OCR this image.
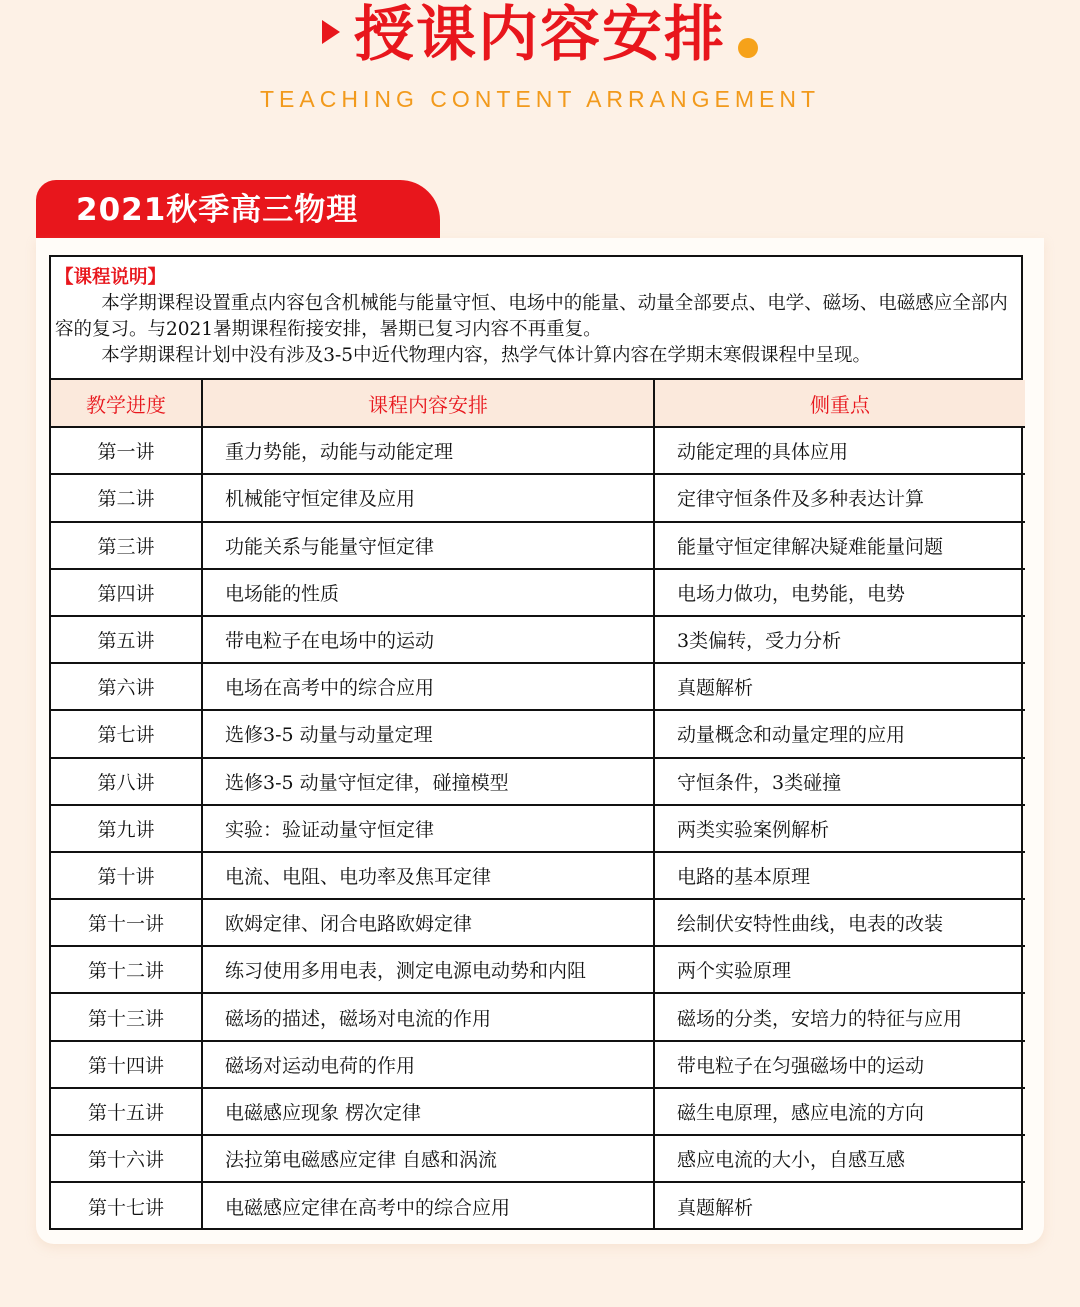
授课内容安排
TEACHING CONTENT ARRANGEMENT
2021秋季高三物理
【课程说明】
本学期课程设置重点内容包含机械能与能量守恒、电场中的能量、动量全部要点、电学、磁场、电磁感应全部内容的复习。与2021暑期课程衔接安排，暑期已复习内容不再重复。
本学期课程计划中没有涉及3-5中近代物理内容，热学气体计算内容在学期末寒假课程中呈现。
教学进度	课程内容安排	侧重点
第一讲	重力势能，动能与动能定理	动能定理的具体应用
第二讲	机械能守恒定律及应用	定律守恒条件及多种表达计算
第三讲	功能关系与能量守恒定律	能量守恒定律解决疑难能量问题
第四讲	电场能的性质	电场力做功，电势能，电势
第五讲	带电粒子在电场中的运动	3类偏转，受力分析
第六讲	电场在高考中的综合应用	真题解析
第七讲	选修3-5 动量与动量定理	动量概念和动量定理的应用
第八讲	选修3-5 动量守恒定律，碰撞模型	守恒条件，3类碰撞
第九讲	实验：验证动量守恒定律	两类实验案例解析
第十讲	电流、电阻、电功率及焦耳定律	电路的基本原理
第十一讲	欧姆定律、闭合电路欧姆定律	绘制伏安特性曲线，电表的改装
第十二讲	练习使用多用电表，测定电源电动势和内阻	两个实验原理
第十三讲	磁场的描述，磁场对电流的作用	磁场的分类，安培力的特征与应用
第十四讲	磁场对运动电荷的作用	带电粒子在匀强磁场中的运动
第十五讲	电磁感应现象 楞次定律	磁生电原理，感应电流的方向
第十六讲	法拉第电磁感应定律 自感和涡流	感应电流的大小，自感互感
第十七讲	电磁感应定律在高考中的综合应用	真题解析
